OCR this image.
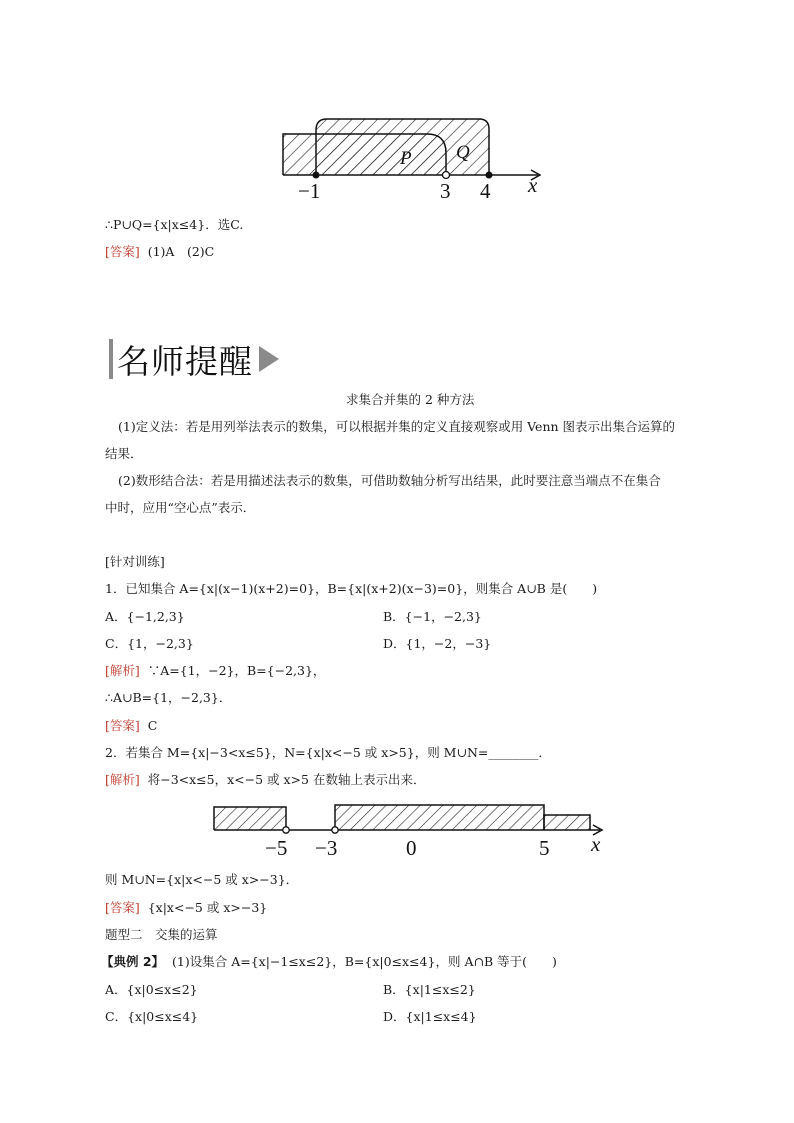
P Q
−1	3 4 x
∴P∪Q={x|x≤4}．选C.
[答案] (1)A　(2)C
名师提醒
求集合并集的 2 种方法
(1)定义法：若是用列举法表示的数集，可以根据并集的定义直接观察或用 Venn 图表示出集合运算的
结果．
(2)数形结合法：若是用描述法表示的数集，可借助数轴分析写出结果，此时要注意当端点不在集合
中时，应用“空心点”表示．
[针对训练]
1．已知集合 A={x|(x−1)(x+2)=0}，B={x|(x+2)(x−3)=0}，则集合 A∪B 是(　　)
A．{−1,2,3}	B．{−1，−2,3}
C．{1，−2,3}	D．{1，−2，−3}
[解析] ∵A={1，−2}，B={−2,3}，
∴A∪B={1，−2,3}．
[答案] C
2．若集合 M={x|−3<x≤5}，N={x|x<−5 或 x>5}，则 M∪N=________．
[解析] 将−3<x≤5，x<−5 或 x>5 在数轴上表示出来．
−5 −3	0	5 x
则 M∪N={x|x<−5 或 x>−3}．
[答案] {x|x<−5 或 x>−3}
题型二　交集的运算
【典例 2】 (1)设集合 A={x|−1≤x≤2}，B={x|0≤x≤4}，则 A∩B 等于(　　)
A．{x|0≤x≤2}	B．{x|1≤x≤2}
C．{x|0≤x≤4}	D．{x|1≤x≤4}
